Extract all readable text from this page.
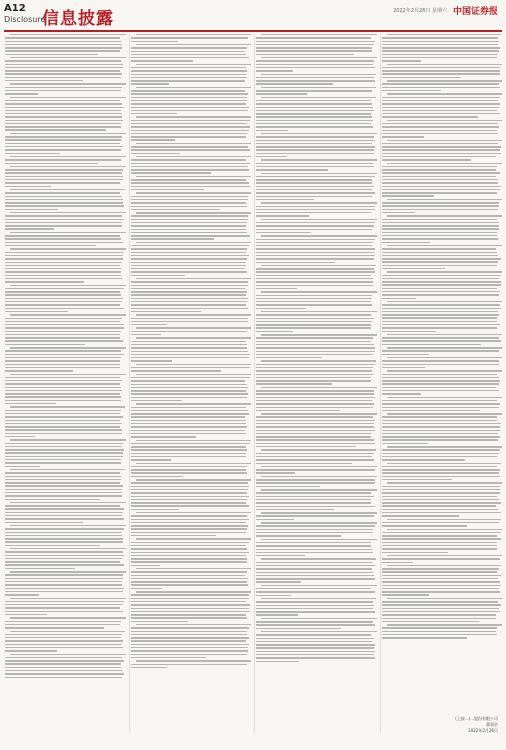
A12
Disclosure
信息披露	2022年2月26日 星期六 中国证券报
(上接...)...股份有限公司
董事会
2022年2月26日
